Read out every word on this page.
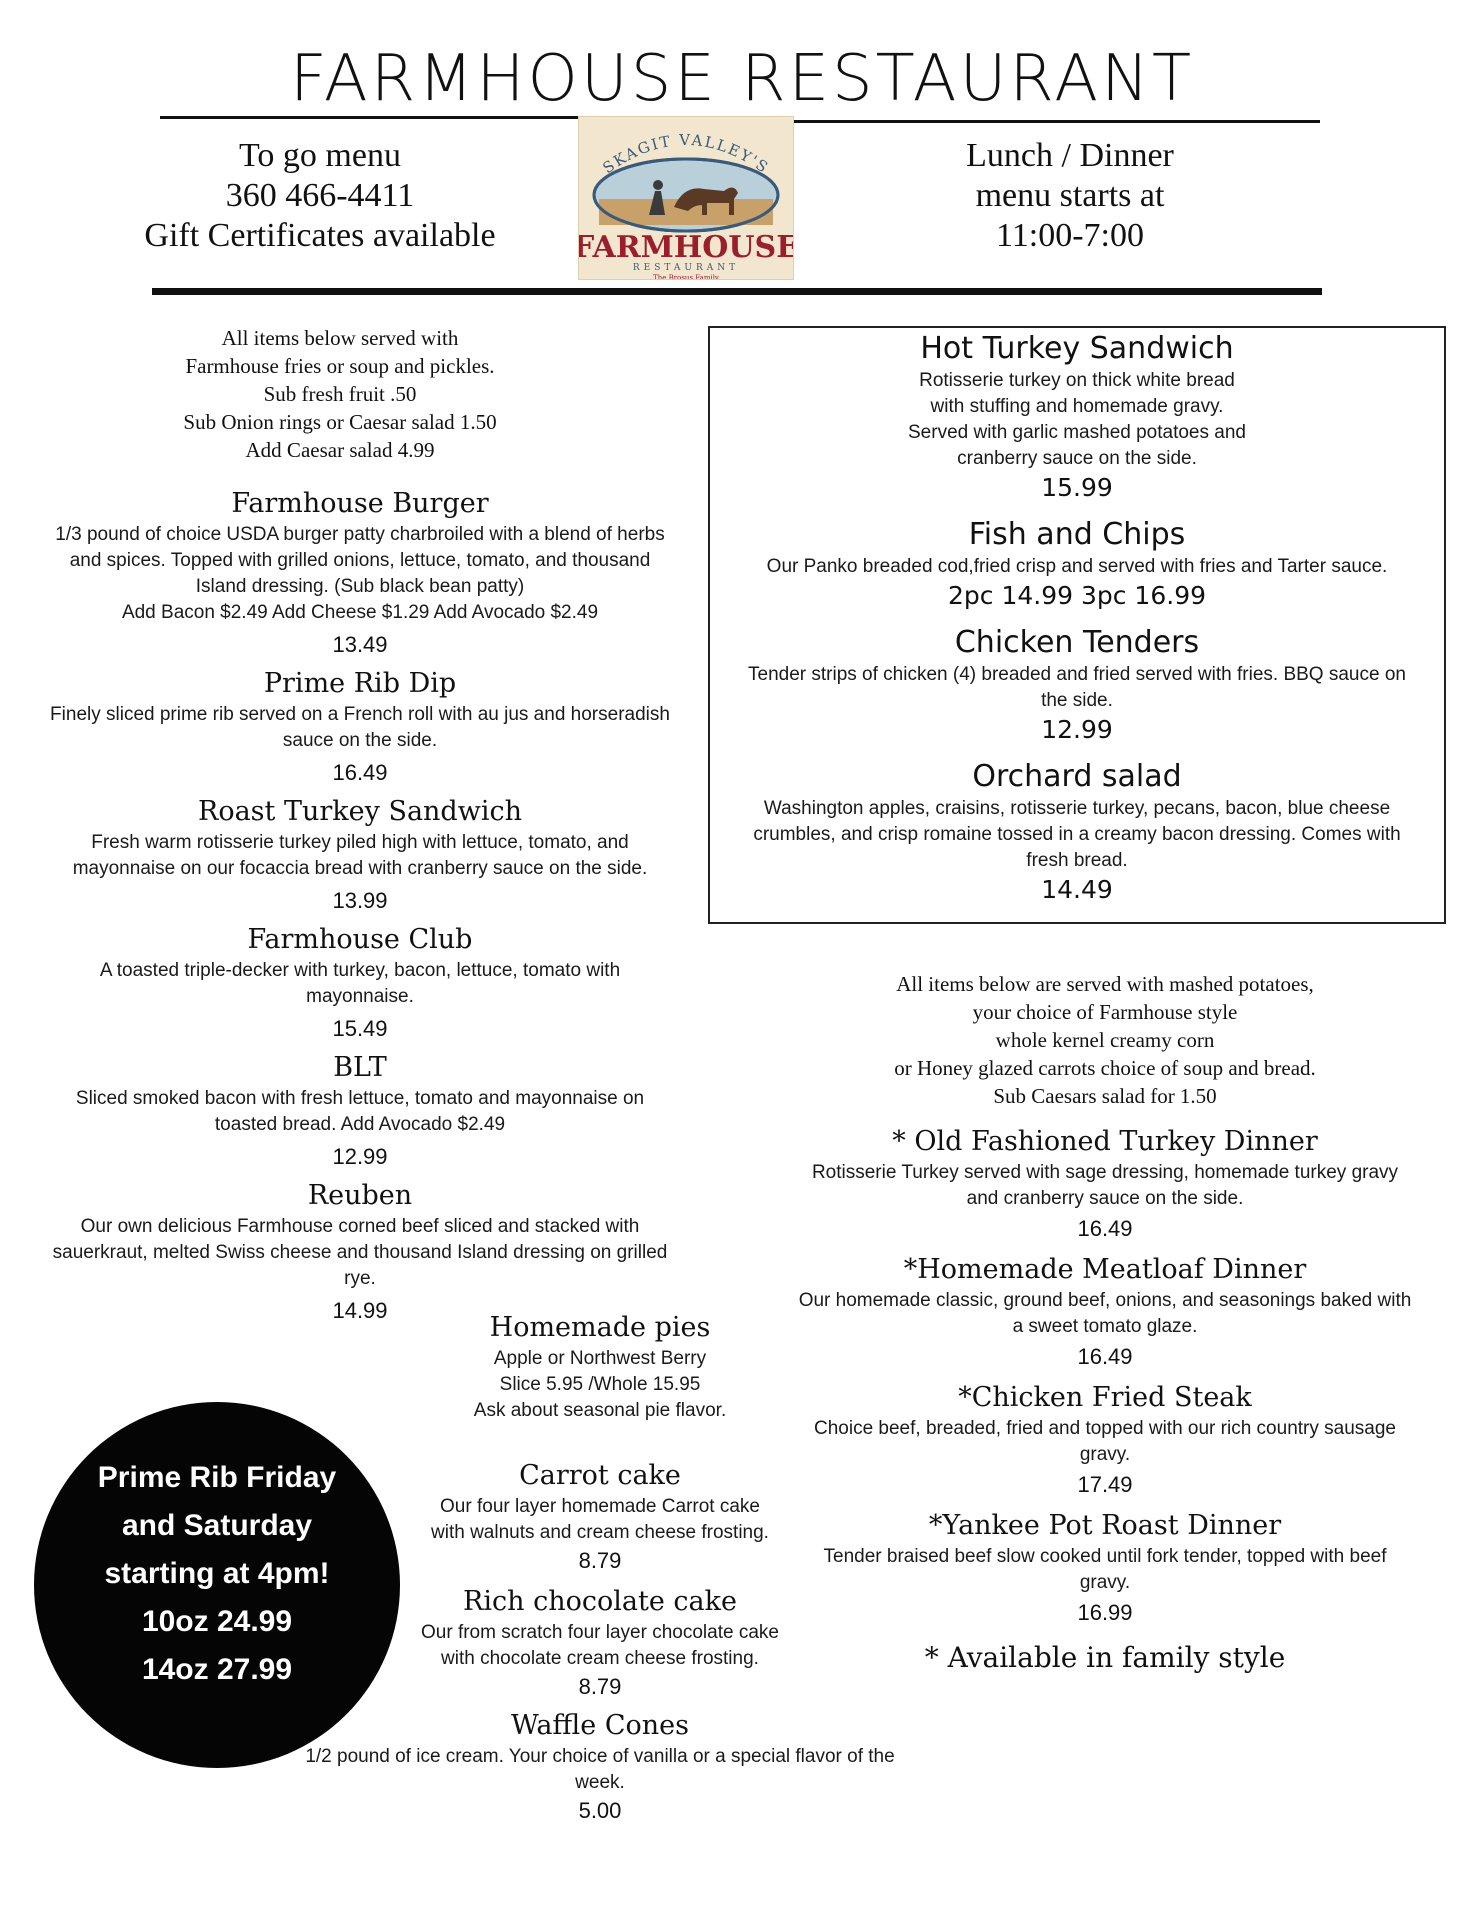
FARMHOUSE RESTAURANT
To go menu
360 466-4411
Gift Certificates available
SKAGIT VALLEY'S
FARMHOUSE
RESTAURANT
The Brosus Family
Lunch / Dinner
menu starts at
11:00-7:00
All items below served with
Farmhouse fries or soup and pickles.
Sub fresh fruit .50
Sub Onion rings or Caesar salad 1.50
Add Caesar salad 4.99
Farmhouse Burger
1/3 pound of choice USDA burger patty charbroiled with a blend of herbs
and spices. Topped with grilled onions, lettuce, tomato, and thousand
Island dressing. (Sub black bean patty)
Add Bacon $2.49 Add Cheese $1.29 Add Avocado $2.49
13.49
Prime Rib Dip
Finely sliced prime rib served on a French roll with au jus and horseradish
sauce on the side.
16.49
Roast Turkey Sandwich
Fresh warm rotisserie turkey piled high with lettuce, tomato, and
mayonnaise on our focaccia bread with cranberry sauce on the side.
13.99
Farmhouse Club
A toasted triple-decker with turkey, bacon, lettuce, tomato with
mayonnaise.
15.49
BLT
Sliced smoked bacon with fresh lettuce, tomato and mayonnaise on
toasted bread. Add Avocado $2.49
12.99
Reuben
Our own delicious Farmhouse corned beef sliced and stacked with
sauerkraut, melted Swiss cheese and thousand Island dressing on grilled
rye.
14.99
Hot Turkey Sandwich
Rotisserie turkey on thick white bread
with stuffing and homemade gravy.
Served with garlic mashed potatoes and
cranberry sauce on the side.
15.99
Fish and Chips
Our Panko breaded cod,fried crisp and served with fries and Tarter sauce.
2pc 14.99 3pc 16.99
Chicken Tenders
Tender strips of chicken (4) breaded and fried served with fries. BBQ sauce on
the side.
12.99
Orchard salad
Washington apples, craisins, rotisserie turkey, pecans, bacon, blue cheese
crumbles, and crisp romaine tossed in a creamy bacon dressing. Comes with
fresh bread.
14.49
All items below are served with mashed potatoes,
your choice of Farmhouse style
whole kernel creamy corn
or Honey glazed carrots choice of soup and bread.
Sub Caesars salad for 1.50
* Old Fashioned Turkey Dinner
Rotisserie Turkey served with sage dressing, homemade turkey gravy
and cranberry sauce on the side.
16.49
*Homemade Meatloaf Dinner
Our homemade classic, ground beef, onions, and seasonings baked with
a sweet tomato glaze.
16.49
*Chicken Fried Steak
Choice beef, breaded, fried and topped with our rich country sausage
gravy.
17.49
*Yankee Pot Roast Dinner
Tender braised beef slow cooked until fork tender, topped with beef
gravy.
16.99
* Available in family style
Homemade pies
Apple or Northwest Berry
Slice 5.95 /Whole 15.95
Ask about seasonal pie flavor.
Carrot cake
Our four layer homemade Carrot cake
with walnuts and cream cheese frosting.
8.79
Rich chocolate cake
Our from scratch four layer chocolate cake
with chocolate cream cheese frosting.
8.79
Waffle Cones
1/2 pound of ice cream. Your choice of vanilla or a special flavor of the
week.
5.00
Prime Rib Friday
and Saturday
starting at 4pm!
10oz 24.99
14oz 27.99
